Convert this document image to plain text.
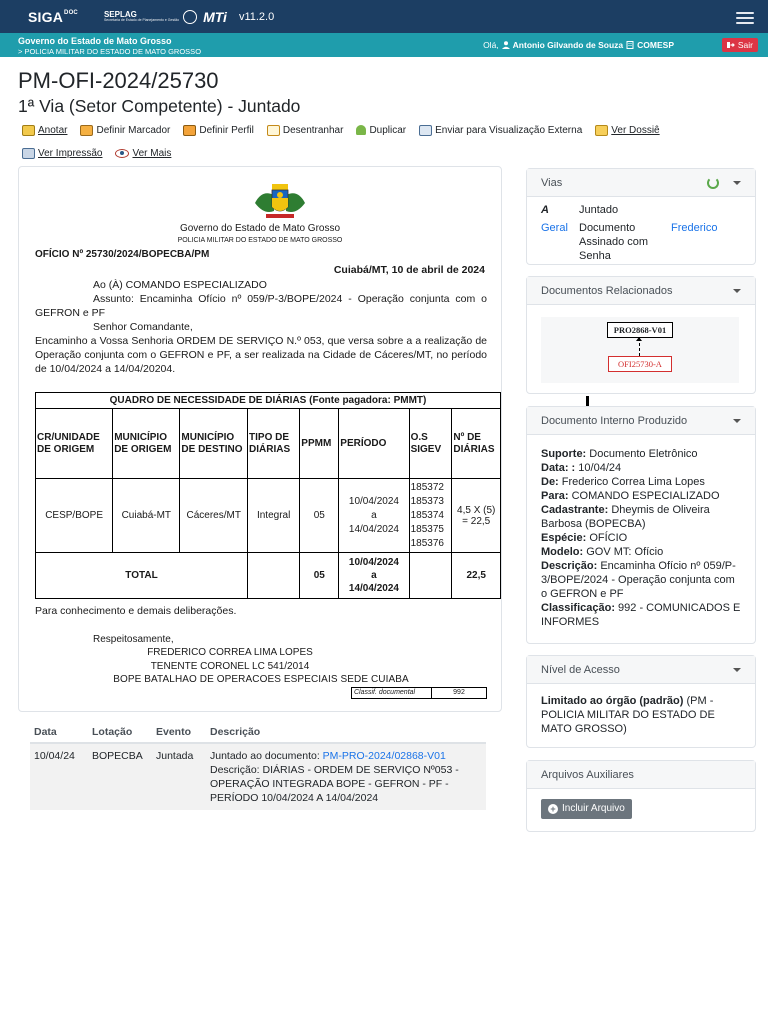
$SIGA^{DOC}$	SEPLAG
Secretaria de Estado de Planejamento e Gestão MTi v11.2.0
Governo do Estado de Mato Grosso
> POLICIA MILITAR DO ESTADO DE MATO GROSSO
Olá, Antonio Gilvando de Souza COMESP	Sair
PM-OFI-2024/25730
1ª Via (Setor Competente) - Juntado
Anotar	Definir Marcador	Definir Perfil	Desentranhar	Duplicar	Enviar para Visualização Externa	Ver Dossiê
Ver Impressão	Ver Mais
Governo do Estado de Mato Grosso
POLICIA MILITAR DO ESTADO DE MATO GROSSO
OFÍCIO Nº 25730/2024/BOPECBA/PM
Cuiabá/MT, 10 de abril de 2024
Ao (À) COMANDO ESPECIALIZADO
Assunto: Encaminha Ofício nº 059/P-3/BOPE/2024 - Operação conjunta com o GEFRON e PF
Senhor Comandante,
Encaminho a Vossa Senhoria ORDEM DE SERVIÇO N.º 053, que versa sobre a a realização de Operação conjunta com o GEFRON e PF, a ser realizada na Cidade de Cáceres/MT, no período de 10/04/2024 a 14/04/20204.
QUADRO DE NECESSIDADE DE DIÁRIAS (Fonte pagadora: PMMT)							
CR/UNIDADE DE ORIGEM	MUNICÍPIO DE ORIGEM	MUNICÍPIO DE DESTINO	TIPO DE DIÁRIAS	PPMM	PERÍODO	O.S SIGEV	Nº DE DIÁRIAS
CESP/BOPE	Cuiabá-MT	Cáceres/MT	Integral	05	10/04/2024
a
14/04/2024	185372
185373
185374
185375
185376	4,5 X (5) = 22,5
TOTAL				05	10/04/2024
a
14/04/2024		22,5
Para conhecimento e demais deliberações.
Respeitosamente,
FREDERICO CORREA LIMA LOPES
TENENTE CORONEL LC 541/2014
BOPE BATALHAO DE OPERACOES ESPECIAIS SEDE CUIABA
Classif. documental	992
Data	Lotação	Evento	Descrição
10/04/24	BOPECBA	Juntada	Juntado ao documento: PM-PRO-2024/02868-V01 Descrição: DIÁRIAS - ORDEM DE SERVIÇO Nº053 - OPERAÇÃO INTEGRADA BOPE - GEFRON - PF - PERÍODO 10/04/2024 A 14/04/2024
Vias
A	Juntado
Geral	Documento Assinado com Senha
Frederico
Documentos Relacionados
PRO2868-V01
OFI25730-A
Documento Interno Produzido
Suporte: Documento Eletrônico
Data: : 10/04/24
De: Frederico Correa Lima Lopes
Para: COMANDO ESPECIALIZADO
Cadastrante: Dheymis de Oliveira Barbosa (BOPECBA)
Espécie: OFÍCIO
Modelo: GOV MT: Ofício
Descrição: Encaminha Ofício nº 059/P-3/BOPE/2024 - Operação conjunta com o GEFRON e PF
Classificação: 992 - COMUNICADOS E INFORMES
Nível de Acesso
Limitado ao órgão (padrão) (PM - POLICIA MILITAR DO ESTADO DE MATO GROSSO)
Arquivos Auxiliares
+ Incluir Arquivo
